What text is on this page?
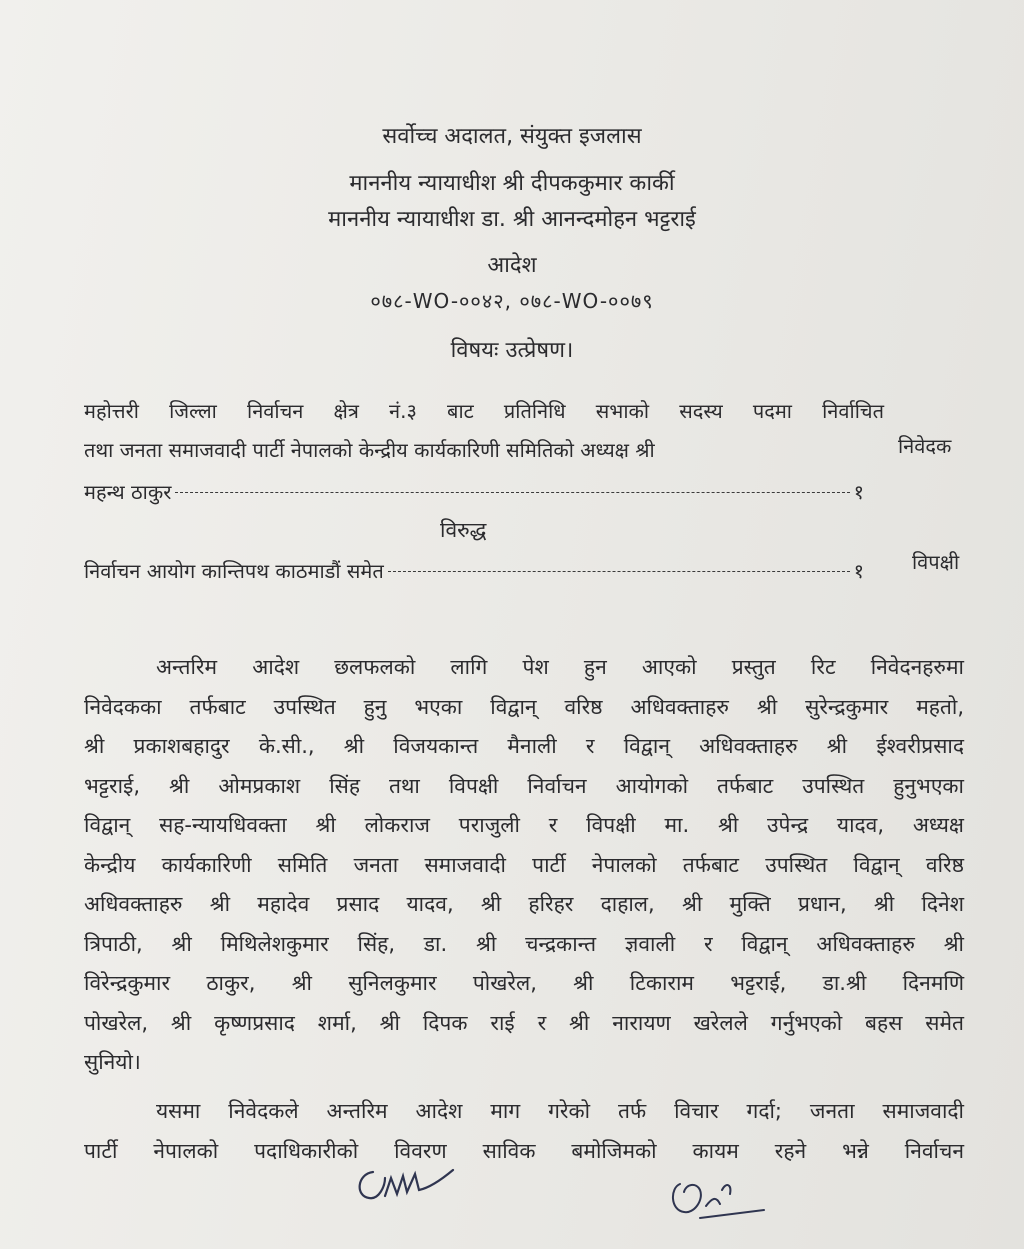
सर्वोच्च अदालत, संयुक्त इजलास
माननीय न्यायाधीश श्री दीपककुमार कार्की
माननीय न्यायाधीश डा. श्री आनन्दमोहन भट्टराई
आदेश
०७८-WO-००४२, ०७८-WO-००७९
विषयः उत्प्रेषण।
महोत्तरी जिल्ला निर्वाचन क्षेत्र नं.३ बाट प्रतिनिधि सभाको सदस्य पदमा निर्वाचित
तथा जनता समाजवादी पार्टी नेपालको केन्द्रीय कार्यकारिणी समितिको अध्यक्ष श्री	निवेदक
महन्थ ठाकुर	१
विरुद्ध
निर्वाचन आयोग कान्तिपथ काठमाडौं समेत	१ विपक्षी
अन्तरिम आदेश छलफलको लागि पेश हुन आएको प्रस्तुत रिट निवेदनहरुमा
निवेदकका तर्फबाट उपस्थित हुनु भएका विद्वान् वरिष्ठ अधिवक्ताहरु श्री सुरेन्द्रकुमार महतो,
श्री प्रकाशबहादुर के.सी., श्री विजयकान्त मैनाली र विद्वान् अधिवक्ताहरु श्री ईश्वरीप्रसाद
भट्टराई, श्री ओमप्रकाश सिंह तथा विपक्षी निर्वाचन आयोगको तर्फबाट उपस्थित हुनुभएका
विद्वान् सह-न्यायधिवक्ता श्री लोकराज पराजुली र विपक्षी मा. श्री उपेन्द्र यादव, अध्यक्ष
केन्द्रीय कार्यकारिणी समिति जनता समाजवादी पार्टी नेपालको तर्फबाट उपस्थित विद्वान् वरिष्ठ
अधिवक्ताहरु श्री महादेव प्रसाद यादव, श्री हरिहर दाहाल, श्री मुक्ति प्रधान, श्री दिनेश
त्रिपाठी, श्री मिथिलेशकुमार सिंह, डा. श्री चन्द्रकान्त ज्ञवाली र विद्वान् अधिवक्ताहरु श्री
विरेन्द्रकुमार ठाकुर, श्री सुनिलकुमार पोखरेल, श्री टिकाराम भट्टराई, डा.श्री दिनमणि
पोखरेल, श्री कृष्णप्रसाद शर्मा, श्री दिपक राई र श्री नारायण खरेलले गर्नुभएको बहस समेत
सुनियो।
यसमा निवेदकले अन्तरिम आदेश माग गरेको तर्फ विचार गर्दा; जनता समाजवादी
पार्टी नेपालको पदाधिकारीको विवरण साविक बमोजिमको कायम रहने भन्ने निर्वाचन
